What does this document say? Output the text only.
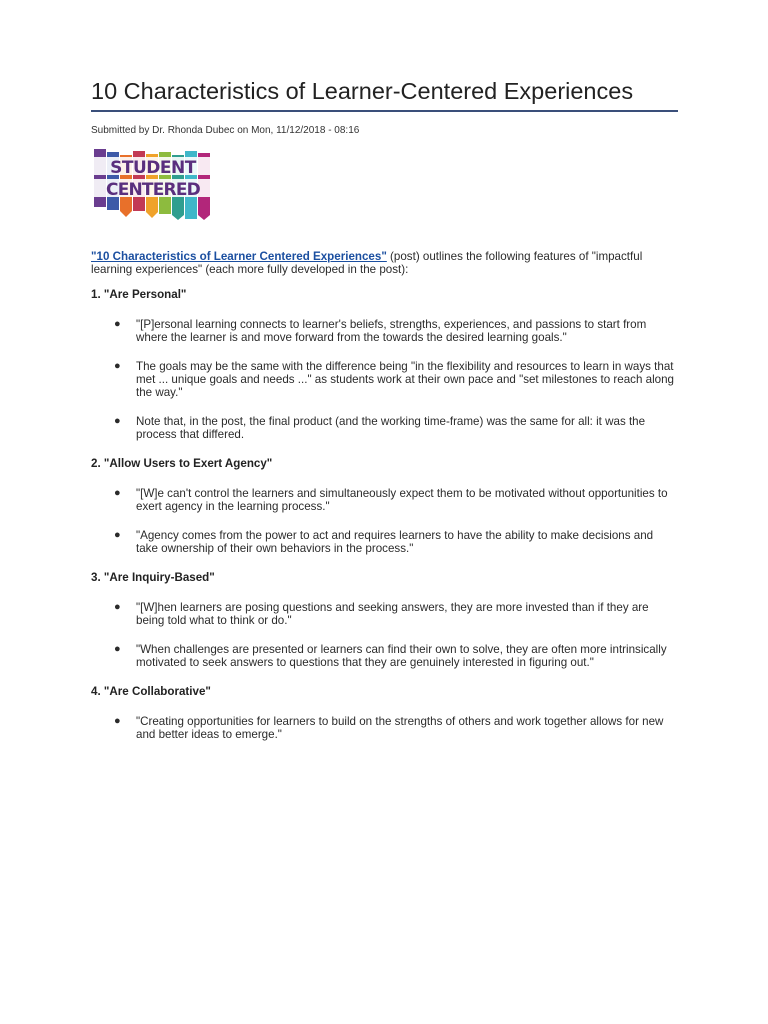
10 Characteristics of Learner-Centered Experiences
Submitted by Dr. Rhonda Dubec on Mon, 11/12/2018 - 08:16
STUDENT
CENTERED

"10 Characteristics of Learner Centered Experiences" (post) outlines the following features of "impactful learning experiences" (each more fully developed in the post):

1. "Are Personal"
● "[P]ersonal learning connects to learner's beliefs, strengths, experiences, and passions to start from where the learner is and move forward from the towards the desired learning goals."
● The goals may be the same with the difference being "in the flexibility and resources to learn in ways that met ... unique goals and needs ..." as students work at their own pace and "set milestones to reach along the way."
● Note that, in the post, the final product (and the working time-frame) was the same for all: it was the process that differed.
2. "Allow Users to Exert Agency"
● "[W]e can't control the learners and simultaneously expect them to be motivated without opportunities to exert agency in the learning process."
● "Agency comes from the power to act and requires learners to have the ability to make decisions and take ownership of their own behaviors in the process."
3. "Are Inquiry-Based"
● "[W]hen learners are posing questions and seeking answers, they are more invested than if they are being told what to think or do."
● "When challenges are presented or learners can find their own to solve, they are often more intrinsically motivated to seek answers to questions that they are genuinely interested in figuring out."
4. "Are Collaborative"
● "Creating opportunities for learners to build on the strengths of others and work together allows for new and better ideas to emerge."
